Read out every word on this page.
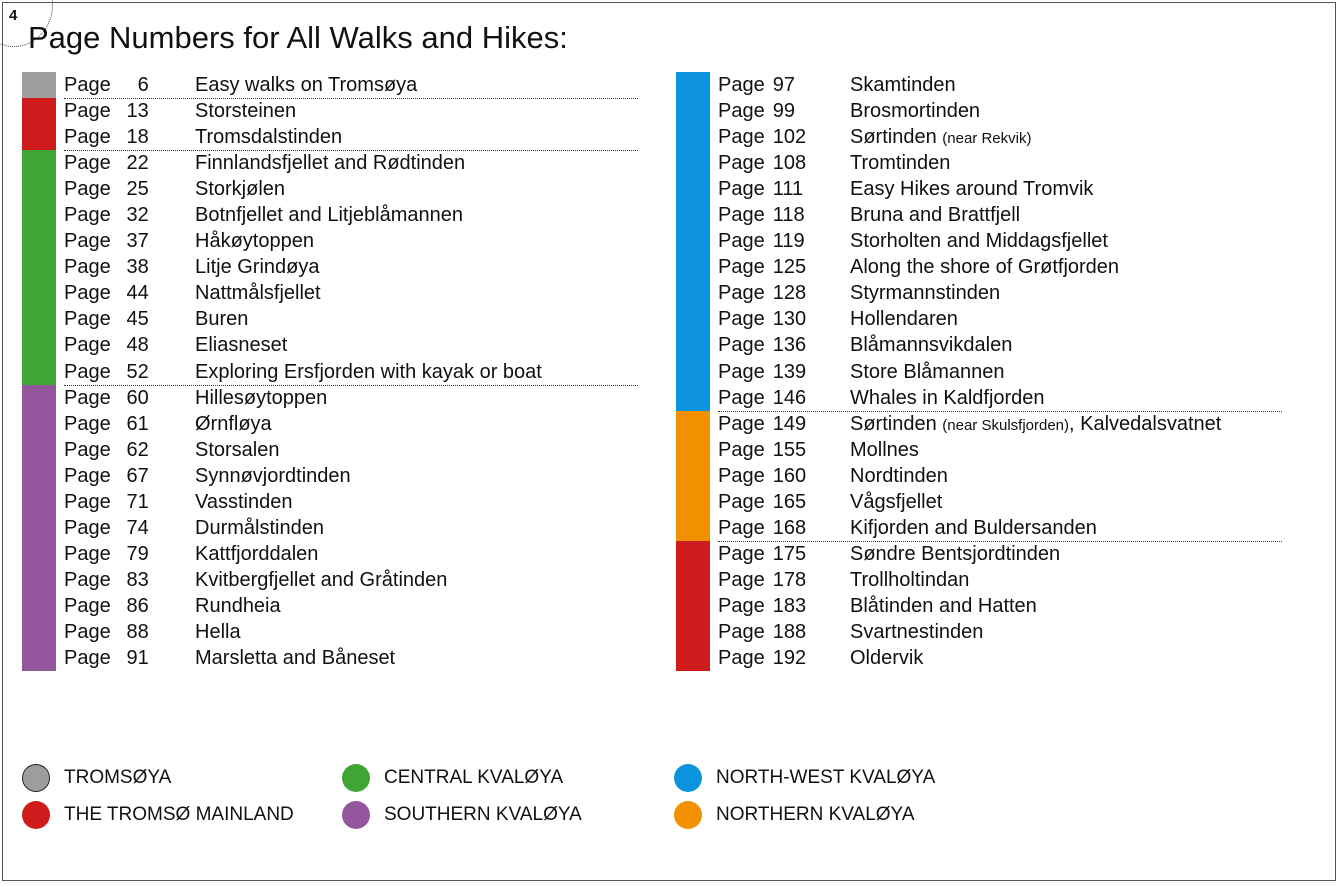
4
Page Numbers for All Walks and Hikes:
Page 6 Easy walks on Tromsøya
Page 13 Storsteinen
Page 18 Tromsdalstinden
Page 22 Finnlandsfjellet and Rødtinden
Page 25 Storkjølen
Page 32 Botnfjellet and Litjeblåmannen
Page 37 Håkøytoppen
Page 38 Litje Grindøya
Page 44 Nattmålsfjellet
Page 45 Buren
Page 48 Eliasneset
Page 52 Exploring Ersfjorden with kayak or boat
Page 60 Hillesøytoppen
Page 61 Ørnfløya
Page 62 Storsalen
Page 67 Synnøvjordtinden
Page 71 Vasstinden
Page 74 Durmålstinden
Page 79 Kattfjorddalen
Page 83 Kvitbergfjellet and Gråtinden
Page 86 Rundheia
Page 88 Hella
Page 91 Marsletta and Båneset
Page 97	Skamtinden
Page 99	Brosmortinden
Page 102	Sørtinden (near Rekvik)
Page 108	Tromtinden
Page 111	Easy Hikes around Tromvik
Page 118	Bruna and Brattfjell
Page 119	Storholten and Middagsfjellet
Page 125	Along the shore of Grøtfjorden
Page 128	Styrmannstinden
Page 130	Hollendaren
Page 136	Blåmannsvikdalen
Page 139	Store Blåmannen
Page 146	Whales in Kaldfjorden
Page 149	Sørtinden (near Skulsfjorden), Kalvedalsvatnet
Page 155	Mollnes
Page 160	Nordtinden
Page 165	Vågsfjellet
Page 168	Kifjorden and Buldersanden
Page 175	Søndre Bentsjordtinden
Page 178	Trollholtindan
Page 183	Blåtinden and Hatten
Page 188	Svartnestinden
Page 192	Oldervik
TROMSØYA
THE TROMSØ MAINLAND
CENTRAL KVALØYA
SOUTHERN KVALØYA
NORTH-WEST KVALØYA
NORTHERN KVALØYA
